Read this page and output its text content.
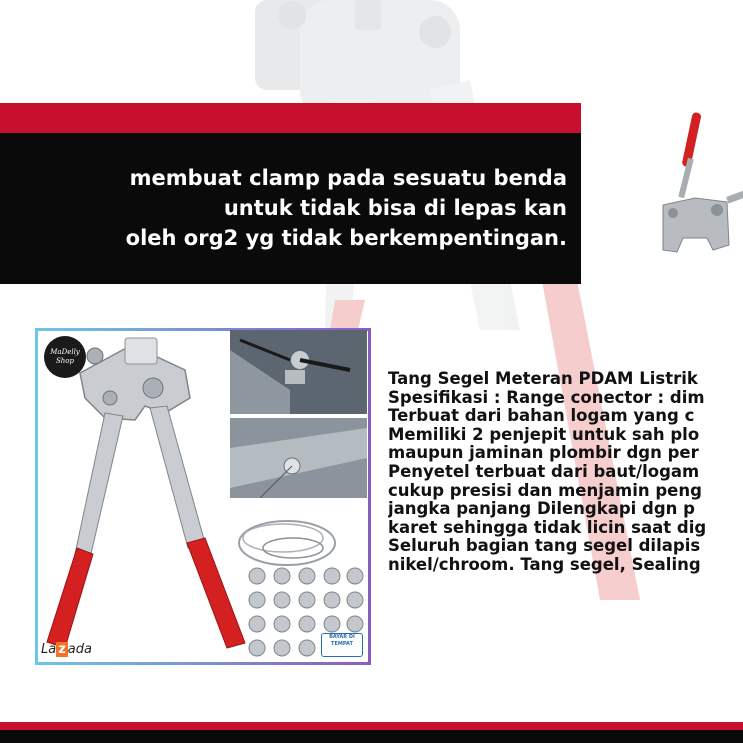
membuat clamp pada sesuatu benda
untuk tidak bisa di lepas kan
oleh org2 yg tidak berkempentingan.
MaDelly Shop
La z ada
BAYAR DI TEMPAT
Tang Segel Meteran PDAM Listrik
Spesifikasi : Range conector : dim
Terbuat dari bahan logam yang c
Memiliki 2 penjepit untuk sah plo
maupun jaminan plombir dgn per
Penyetel terbuat dari baut/logam
cukup presisi dan menjamin peng
jangka panjang Dilengkapi dgn p
karet sehingga tidak licin saat dig
Seluruh bagian tang segel dilapis
nikel/chroom. Tang segel, Sealing
